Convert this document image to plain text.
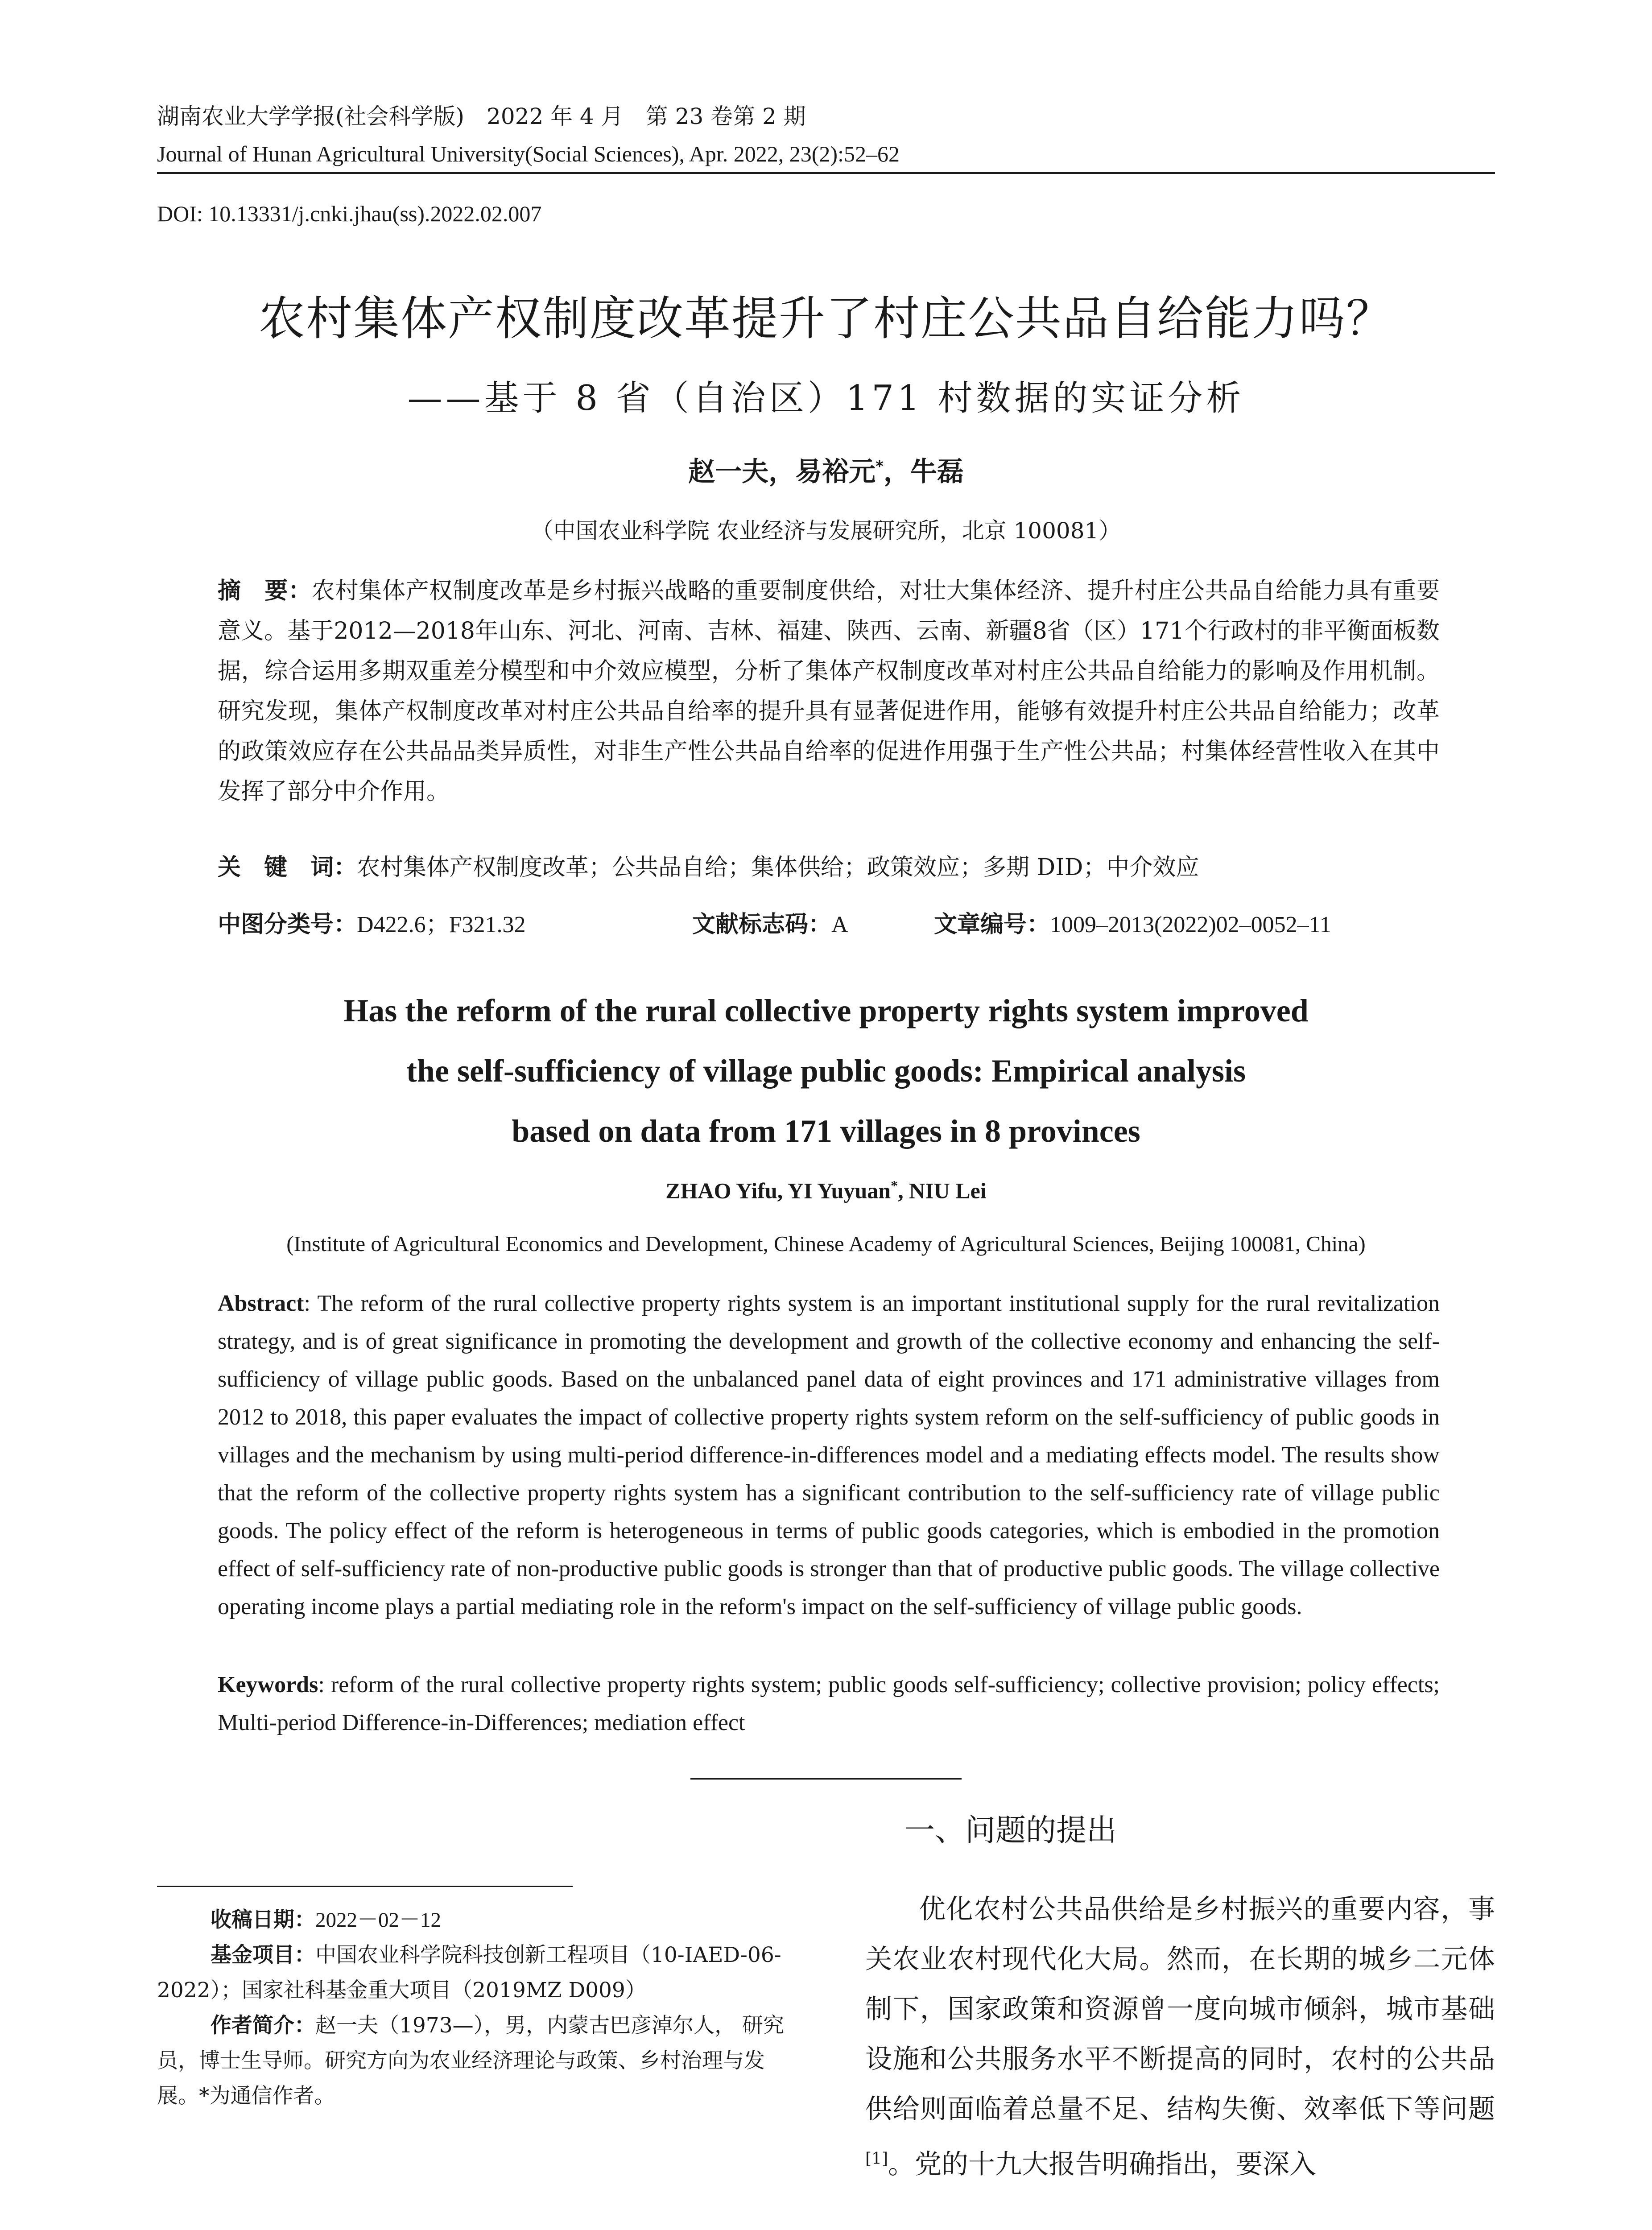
湖南农业大学学报(社会科学版)　2022 年 4 月　第 23 卷第 2 期
Journal of Hunan Agricultural University(Social Sciences), Apr. 2022, 23(2):52–62
DOI: 10.13331/j.cnki.jhau(ss).2022.02.007
农村集体产权制度改革提升了村庄公共品自给能力吗？
——基于 8 省（自治区）171 村数据的实证分析
赵一夫，易裕元*，牛磊
（中国农业科学院 农业经济与发展研究所，北京 100081）
摘　要：农村集体产权制度改革是乡村振兴战略的重要制度供给，对壮大集体经济、提升村庄公共品自给能力具有重要意义。基于2012—2018年山东、河北、河南、吉林、福建、陕西、云南、新疆8省（区）171个行政村的非平衡面板数据，综合运用多期双重差分模型和中介效应模型，分析了集体产权制度改革对村庄公共品自给能力的影响及作用机制。研究发现，集体产权制度改革对村庄公共品自给率的提升具有显著促进作用，能够有效提升村庄公共品自给能力；改革的政策效应存在公共品品类异质性，对非生产性公共品自给率的促进作用强于生产性公共品；村集体经营性收入在其中发挥了部分中介作用。
关　键　词：农村集体产权制度改革；公共品自给；集体供给；政策效应；多期 DID；中介效应
中图分类号：D422.6；F321.32	文献标志码：A	文章编号：1009–2013(2022)02–0052–11
Has the reform of the rural collective property rights system improved
the self-sufficiency of village public goods: Empirical analysis
based on data from 171 villages in 8 provinces
ZHAO Yifu, YI Yuyuan*, NIU Lei
(Institute of Agricultural Economics and Development, Chinese Academy of Agricultural Sciences, Beijing 100081, China)
Abstract: The reform of the rural collective property rights system is an important institutional supply for the rural revitalization strategy, and is of great significance in promoting the development and growth of the collective economy and enhancing the self-sufficiency of village public goods. Based on the unbalanced panel data of eight provinces and 171 administrative villages from 2012 to 2018, this paper evaluates the impact of collective property rights system reform on the self-sufficiency of public goods in villages and the mechanism by using multi-period difference-in-differences model and a mediating effects model. The results show that the reform of the collective property rights system has a significant contribution to the self-sufficiency rate of village public goods. The policy effect of the reform is heterogeneous in terms of public goods categories, which is embodied in the promotion effect of self-sufficiency rate of non-productive public goods is stronger than that of productive public goods. The village collective operating income plays a partial mediating role in the reform's impact on the self-sufficiency of village public goods.
Keywords: reform of the rural collective property rights system; public goods self-sufficiency; collective provision; policy effects; Multi-period Difference-in-Differences; mediation effect
收稿日期：2022－02－12
基金项目：中国农业科学院科技创新工程项目（10-IAED-06-2022）；国家社科基金重大项目（2019MZ D009）
作者简介：赵一夫（1973—），男，内蒙古巴彦淖尔人， 研究员，博士生导师。研究方向为农业经济理论与政策、乡村治理与发展。*为通信作者。
一、问题的提出
优化农村公共品供给是乡村振兴的重要内容，事关农业农村现代化大局。然而，在长期的城乡二元体制下，国家政策和资源曾一度向城市倾斜，城市基础设施和公共服务水平不断提高的同时，农村的公共品供给则面临着总量不足、结构失衡、效率低下等问题[1]。党的十九大报告明确指出，要深入
